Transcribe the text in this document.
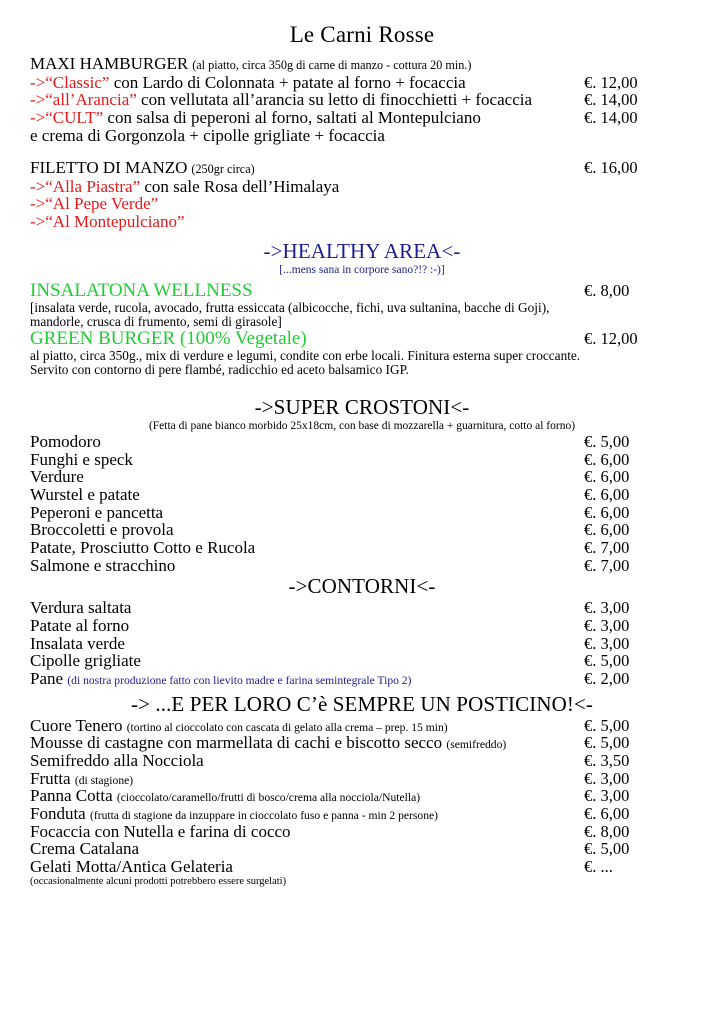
Le Carni Rosse
MAXI HAMBURGER (al piatto, circa 350g di carne di manzo - cottura 20 min.)
->“Classic” con Lardo di Colonnata + patate al forno + focaccia	€. 12,00
->“all’Arancia” con vellutata all’arancia su letto di finocchietti + focaccia	€. 14,00
->“CULT” con salsa di peperoni al forno, saltati al Montepulciano	€. 14,00
e crema di Gorgonzola + cipolle grigliate + focaccia
FILETTO DI MANZO (250gr circa)	€. 16,00
->“Alla Piastra” con sale Rosa dell’Himalaya
->“Al Pepe Verde”
->“Al Montepulciano”
->HEALTHY AREA<-
[...mens sana in corpore sano?!? :-)]
INSALATONA WELLNESS	€. 8,00
[insalata verde, rucola, avocado, frutta essiccata (albicocche, fichi, uva sultanina, bacche di Goji),
mandorle, crusca di frumento, semi di girasole]
GREEN BURGER (100% Vegetale)	€. 12,00
al piatto, circa 350g., mix di verdure e legumi, condite con erbe locali. Finitura esterna super croccante.
Servito con contorno di pere flambé, radicchio ed aceto balsamico IGP.
->SUPER CROSTONI<-
(Fetta di pane bianco morbido 25x18cm, con base di mozzarella + guarnitura, cotto al forno)
Pomodoro	€. 5,00
Funghi e speck	€. 6,00
Verdure	€. 6,00
Wurstel e patate	€. 6,00
Peperoni e pancetta	€. 6,00
Broccoletti e provola	€. 6,00
Patate, Prosciutto Cotto e Rucola	€. 7,00
Salmone e stracchino	€. 7,00
->CONTORNI<-
Verdura saltata	€. 3,00
Patate al forno	€. 3,00
Insalata verde	€. 3,00
Cipolle grigliate	€. 5,00
Pane (di nostra produzione fatto con lievito madre e farina semintegrale Tipo 2)	€. 2,00
-> ...E PER LORO C’è SEMPRE UN POSTICINO!<-
Cuore Tenero (tortino al cioccolato con cascata di gelato alla crema – prep. 15 min)	€. 5,00
Mousse di castagne con marmellata di cachi e biscotto secco (semifreddo)	€. 5,00
Semifreddo alla Nocciola	€. 3,50
Frutta (di stagione)	€. 3,00
Panna Cotta (cioccolato/caramello/frutti di bosco/crema alla nocciola/Nutella)	€. 3,00
Fonduta (frutta di stagione da inzuppare in cioccolato fuso e panna - min 2 persone)	€. 6,00
Focaccia con Nutella e farina di cocco	€. 8,00
Crema Catalana	€. 5,00
Gelati Motta/Antica Gelateria	€. ...
(occasionalmente alcuni prodotti potrebbero essere surgelati)
